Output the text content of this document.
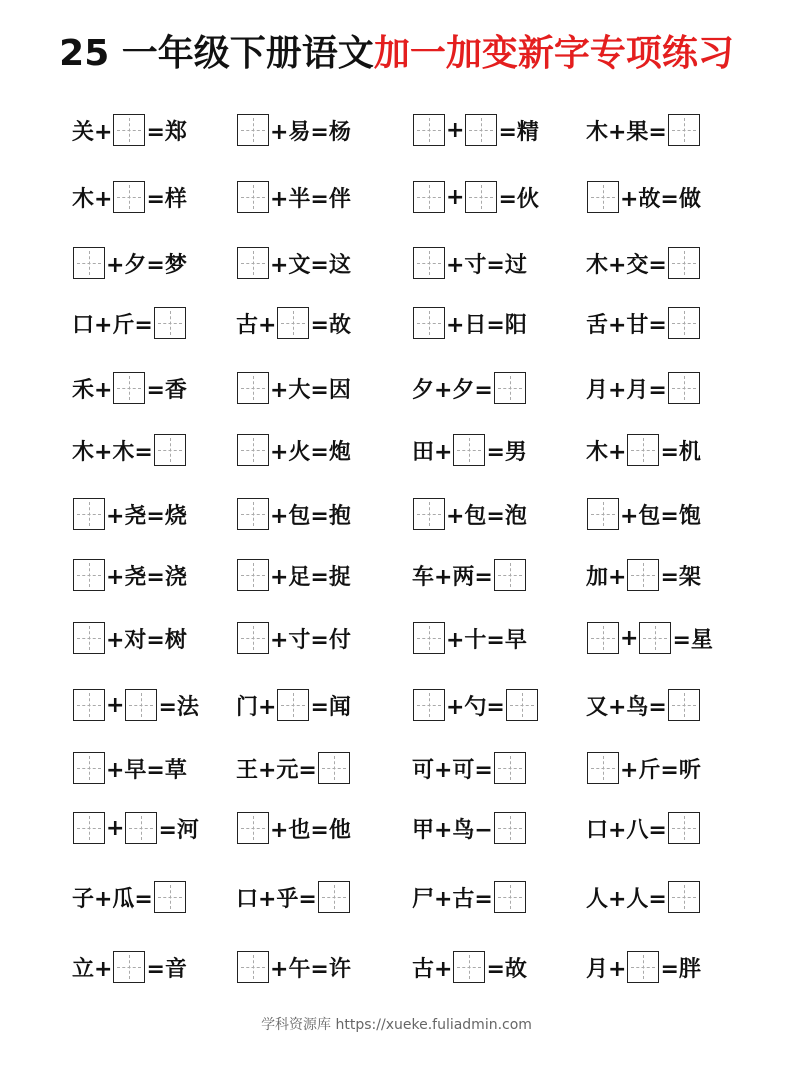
25 一年级下册语文加一加变新字专项练习
关+ =郑	+易=杨	+ =精 木+果=
木+ =样	+半=伴	+ =伙	+故=做
+夕=梦	+文=这	+寸=过	木+交=
口+斤=	古+ =故	+日=阳	舌+甘=
禾+ =香	+大=因	夕+夕=	月+月=
木+木=	+火=炮	田+ =男	木+ =机
+尧=烧	+包=抱	+包=泡	+包=饱
+尧=浇	+足=捉	车+两=	加+ =架
+对=树	+寸=付	+十=早	+ =星
+ =法 门+ =闻	+勺=	又+鸟=
+早=草 王+元=	可+可=	+斤=听
+ =河	+也=他	甲+鸟−	口+八=
子+瓜=	口+乎=	尸+古=	人+人=
立+ =音	+午=许	古+ =故	月+ =胖
学科资源库 https://xueke.fuliadmin.com
